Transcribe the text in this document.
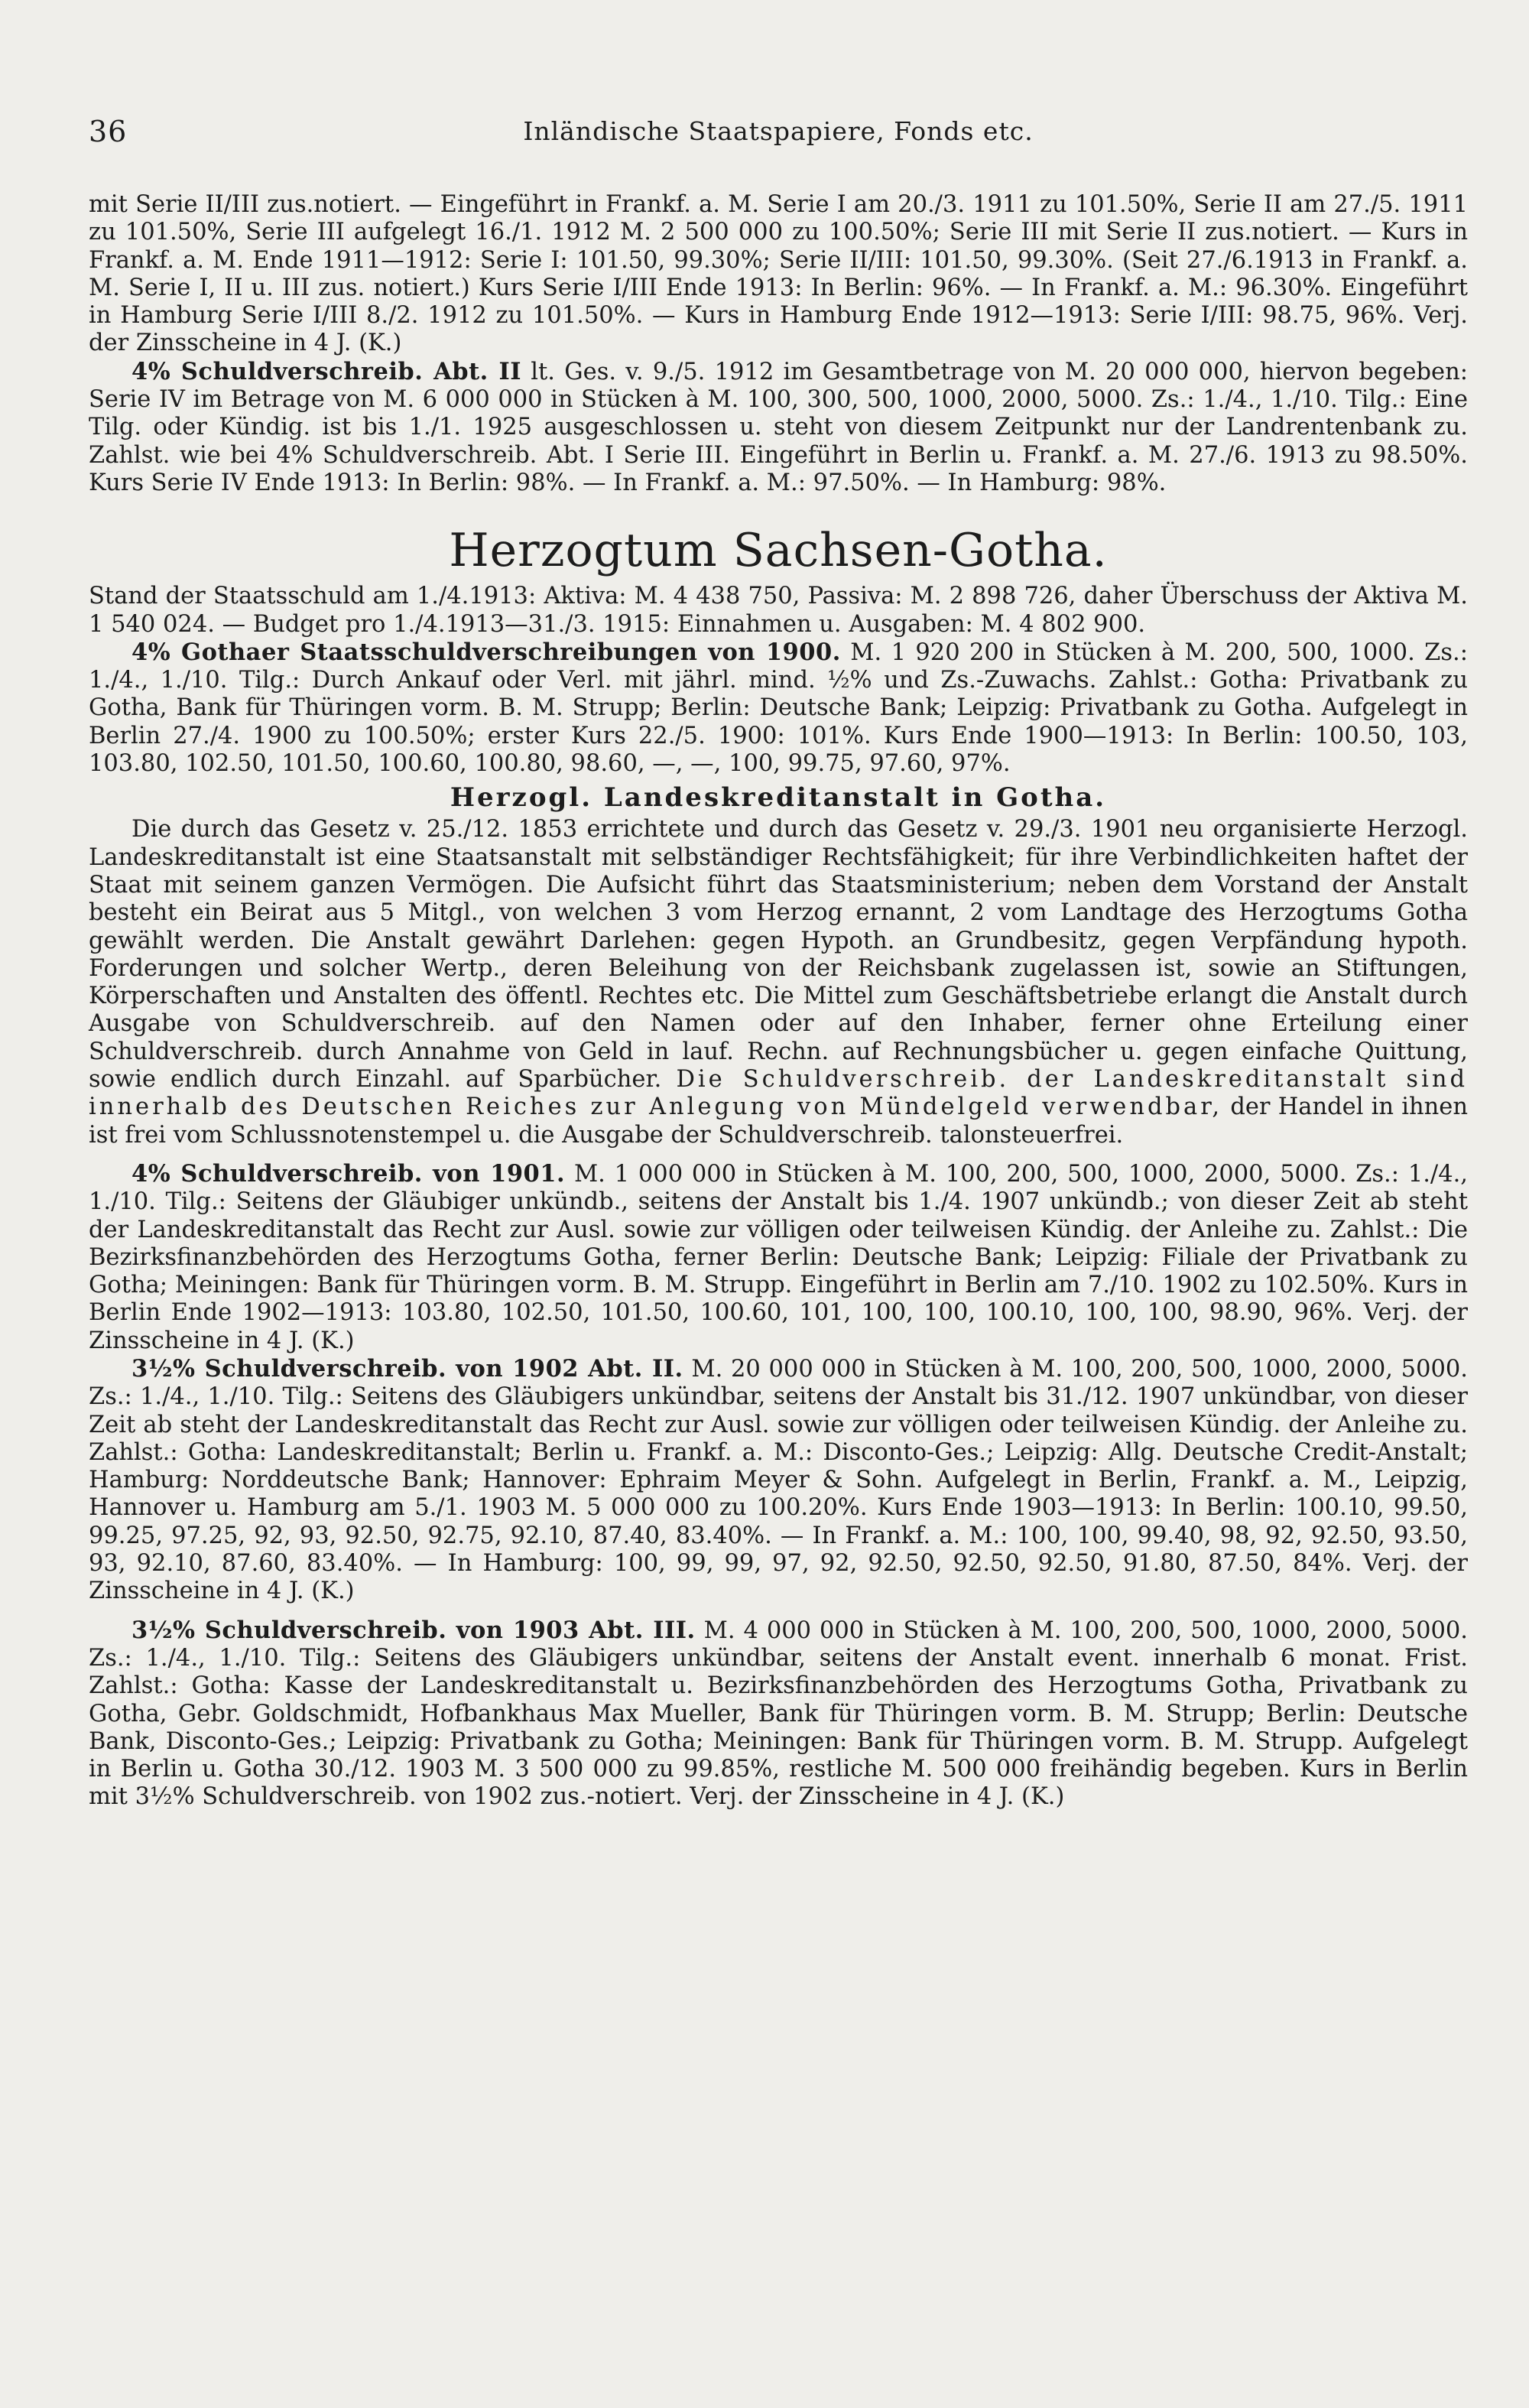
36	Inländische Staatspapiere, Fonds etc.

mit Serie II/III zus.notiert. — Eingeführt in Frankf. a. M. Serie I am 20./3. 1911 zu 101.50%, Serie II am 27./5. 1911 zu 101.50%, Serie III aufgelegt 16./1. 1912 M. 2 500 000 zu 100.50%; Serie III mit Serie II zus.notiert. — Kurs in Frankf. a. M. Ende 1911—1912: Serie I: 101.50, 99.30%; Serie II/III: 101.50, 99.30%. (Seit 27./6.1913 in Frankf. a. M. Serie I, II u. III zus. notiert.) Kurs Serie I/III Ende 1913: In Berlin: 96%. — In Frankf. a. M.: 96.30%. Eingeführt in Hamburg Serie I/III 8./2. 1912 zu 101.50%. — Kurs in Hamburg Ende 1912—1913: Serie I/III: 98.75, 96%. Verj. der Zinsscheine in 4 J. (K.)

4% Schuldverschreib. Abt. II lt. Ges. v. 9./5. 1912 im Gesamtbetrage von M. 20 000 000, hiervon begeben: Serie IV im Betrage von M. 6 000 000 in Stücken à M. 100, 300, 500, 1000, 2000, 5000. Zs.: 1./4., 1./10. Tilg.: Eine Tilg. oder Kündig. ist bis 1./1. 1925 ausgeschlossen u. steht von diesem Zeitpunkt nur der Landrentenbank zu. Zahlst. wie bei 4% Schuldverschreib. Abt. I Serie III. Eingeführt in Berlin u. Frankf. a. M. 27./6. 1913 zu 98.50%. Kurs Serie IV Ende 1913: In Berlin: 98%. — In Frankf. a. M.: 97.50%. — In Hamburg: 98%.

Herzogtum Sachsen-Gotha.

Stand der Staatsschuld am 1./4.1913: Aktiva: M. 4 438 750, Passiva: M. 2 898 726, daher Überschuss der Aktiva M. 1 540 024. — Budget pro 1./4.1913—31./3. 1915: Einnahmen u. Ausgaben: M. 4 802 900.

4% Gothaer Staatsschuldverschreibungen von 1900. M. 1 920 200 in Stücken à M. 200, 500, 1000. Zs.: 1./4., 1./10. Tilg.: Durch Ankauf oder Verl. mit jährl. mind. ½% und Zs.-Zuwachs. Zahlst.: Gotha: Privatbank zu Gotha, Bank für Thüringen vorm. B. M. Strupp; Berlin: Deutsche Bank; Leipzig: Privatbank zu Gotha. Aufgelegt in Berlin 27./4. 1900 zu 100.50%; erster Kurs 22./5. 1900: 101%. Kurs Ende 1900—1913: In Berlin: 100.50, 103, 103.80, 102.50, 101.50, 100.60, 100.80, 98.60, —, —, 100, 99.75, 97.60, 97%.

Herzogl. Landeskreditanstalt in Gotha.

Die durch das Gesetz v. 25./12. 1853 errichtete und durch das Gesetz v. 29./3. 1901 neu organisierte Herzogl. Landeskreditanstalt ist eine Staatsanstalt mit selbständiger Rechtsfähigkeit; für ihre Verbindlichkeiten haftet der Staat mit seinem ganzen Vermögen. Die Aufsicht führt das Staatsministerium; neben dem Vorstand der Anstalt besteht ein Beirat aus 5 Mitgl., von welchen 3 vom Herzog ernannt, 2 vom Landtage des Herzogtums Gotha gewählt werden. Die Anstalt gewährt Darlehen: gegen Hypoth. an Grundbesitz, gegen Verpfändung hypoth. Forderungen und solcher Wertp., deren Beleihung von der Reichsbank zugelassen ist, sowie an Stiftungen, Körperschaften und Anstalten des öffentl. Rechtes etc. Die Mittel zum Geschäftsbetriebe erlangt die Anstalt durch Ausgabe von Schuldverschreib. auf den Namen oder auf den Inhaber, ferner ohne Erteilung einer Schuldverschreib. durch Annahme von Geld in lauf. Rechn. auf Rechnungsbücher u. gegen einfache Quittung, sowie endlich durch Einzahl. auf Sparbücher. Die Schuldverschreib. der Landeskreditanstalt sind innerhalb des Deutschen Reiches zur Anlegung von Mündelgeld verwendbar, der Handel in ihnen ist frei vom Schlussnotenstempel u. die Ausgabe der Schuldverschreib. talonsteuerfrei.

4% Schuldverschreib. von 1901. M. 1 000 000 in Stücken à M. 100, 200, 500, 1000, 2000, 5000. Zs.: 1./4., 1./10. Tilg.: Seitens der Gläubiger unkündb., seitens der Anstalt bis 1./4. 1907 unkündb.; von dieser Zeit ab steht der Landeskreditanstalt das Recht zur Ausl. sowie zur völligen oder teilweisen Kündig. der Anleihe zu. Zahlst.: Die Bezirksfinanzbehörden des Herzogtums Gotha, ferner Berlin: Deutsche Bank; Leipzig: Filiale der Privatbank zu Gotha; Meiningen: Bank für Thüringen vorm. B. M. Strupp. Eingeführt in Berlin am 7./10. 1902 zu 102.50%. Kurs in Berlin Ende 1902—1913: 103.80, 102.50, 101.50, 100.60, 101, 100, 100, 100.10, 100, 100, 98.90, 96%. Verj. der Zinsscheine in 4 J. (K.)

3½% Schuldverschreib. von 1902 Abt. II. M. 20 000 000 in Stücken à M. 100, 200, 500, 1000, 2000, 5000. Zs.: 1./4., 1./10. Tilg.: Seitens des Gläubigers unkündbar, seitens der Anstalt bis 31./12. 1907 unkündbar, von dieser Zeit ab steht der Landeskreditanstalt das Recht zur Ausl. sowie zur völligen oder teilweisen Kündig. der Anleihe zu. Zahlst.: Gotha: Landeskreditanstalt; Berlin u. Frankf. a. M.: Disconto-Ges.; Leipzig: Allg. Deutsche Credit-Anstalt; Hamburg: Norddeutsche Bank; Hannover: Ephraim Meyer & Sohn. Aufgelegt in Berlin, Frankf. a. M., Leipzig, Hannover u. Hamburg am 5./1. 1903 M. 5 000 000 zu 100.20%. Kurs Ende 1903—1913: In Berlin: 100.10, 99.50, 99.25, 97.25, 92, 93, 92.50, 92.75, 92.10, 87.40, 83.40%. — In Frankf. a. M.: 100, 100, 99.40, 98, 92, 92.50, 93.50, 93, 92.10, 87.60, 83.40%. — In Hamburg: 100, 99, 99, 97, 92, 92.50, 92.50, 92.50, 91.80, 87.50, 84%. Verj. der Zinsscheine in 4 J. (K.)

3½% Schuldverschreib. von 1903 Abt. III. M. 4 000 000 in Stücken à M. 100, 200, 500, 1000, 2000, 5000. Zs.: 1./4., 1./10. Tilg.: Seitens des Gläubigers unkündbar, seitens der Anstalt event. innerhalb 6 monat. Frist. Zahlst.: Gotha: Kasse der Landeskreditanstalt u. Bezirksfinanzbehörden des Herzogtums Gotha, Privatbank zu Gotha, Gebr. Goldschmidt, Hofbankhaus Max Mueller, Bank für Thüringen vorm. B. M. Strupp; Berlin: Deutsche Bank, Disconto-Ges.; Leipzig: Privatbank zu Gotha; Meiningen: Bank für Thüringen vorm. B. M. Strupp. Aufgelegt in Berlin u. Gotha 30./12. 1903 M. 3 500 000 zu 99.85%, restliche M. 500 000 freihändig begeben. Kurs in Berlin mit 3½% Schuldverschreib. von 1902 zus.-notiert. Verj. der Zinsscheine in 4 J. (K.)
